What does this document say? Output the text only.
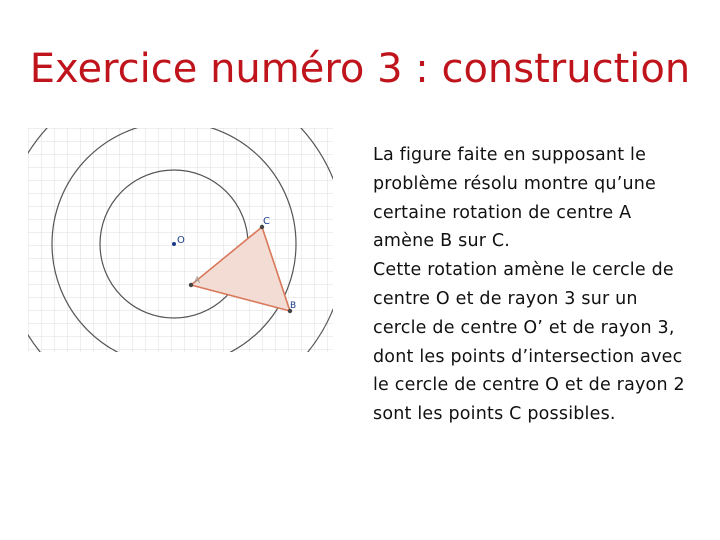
Exercice numéro 3 : construction
O
A
C
B

La figure faite en supposant le problème résolu montre qu’une certaine rotation de centre A amène B sur C.

Cette rotation amène le cercle de centre O et de rayon 3 sur un cercle de centre O’ et de rayon 3, dont les points d’intersection avec le cercle de centre O et de rayon 2 sont les points C possibles.
